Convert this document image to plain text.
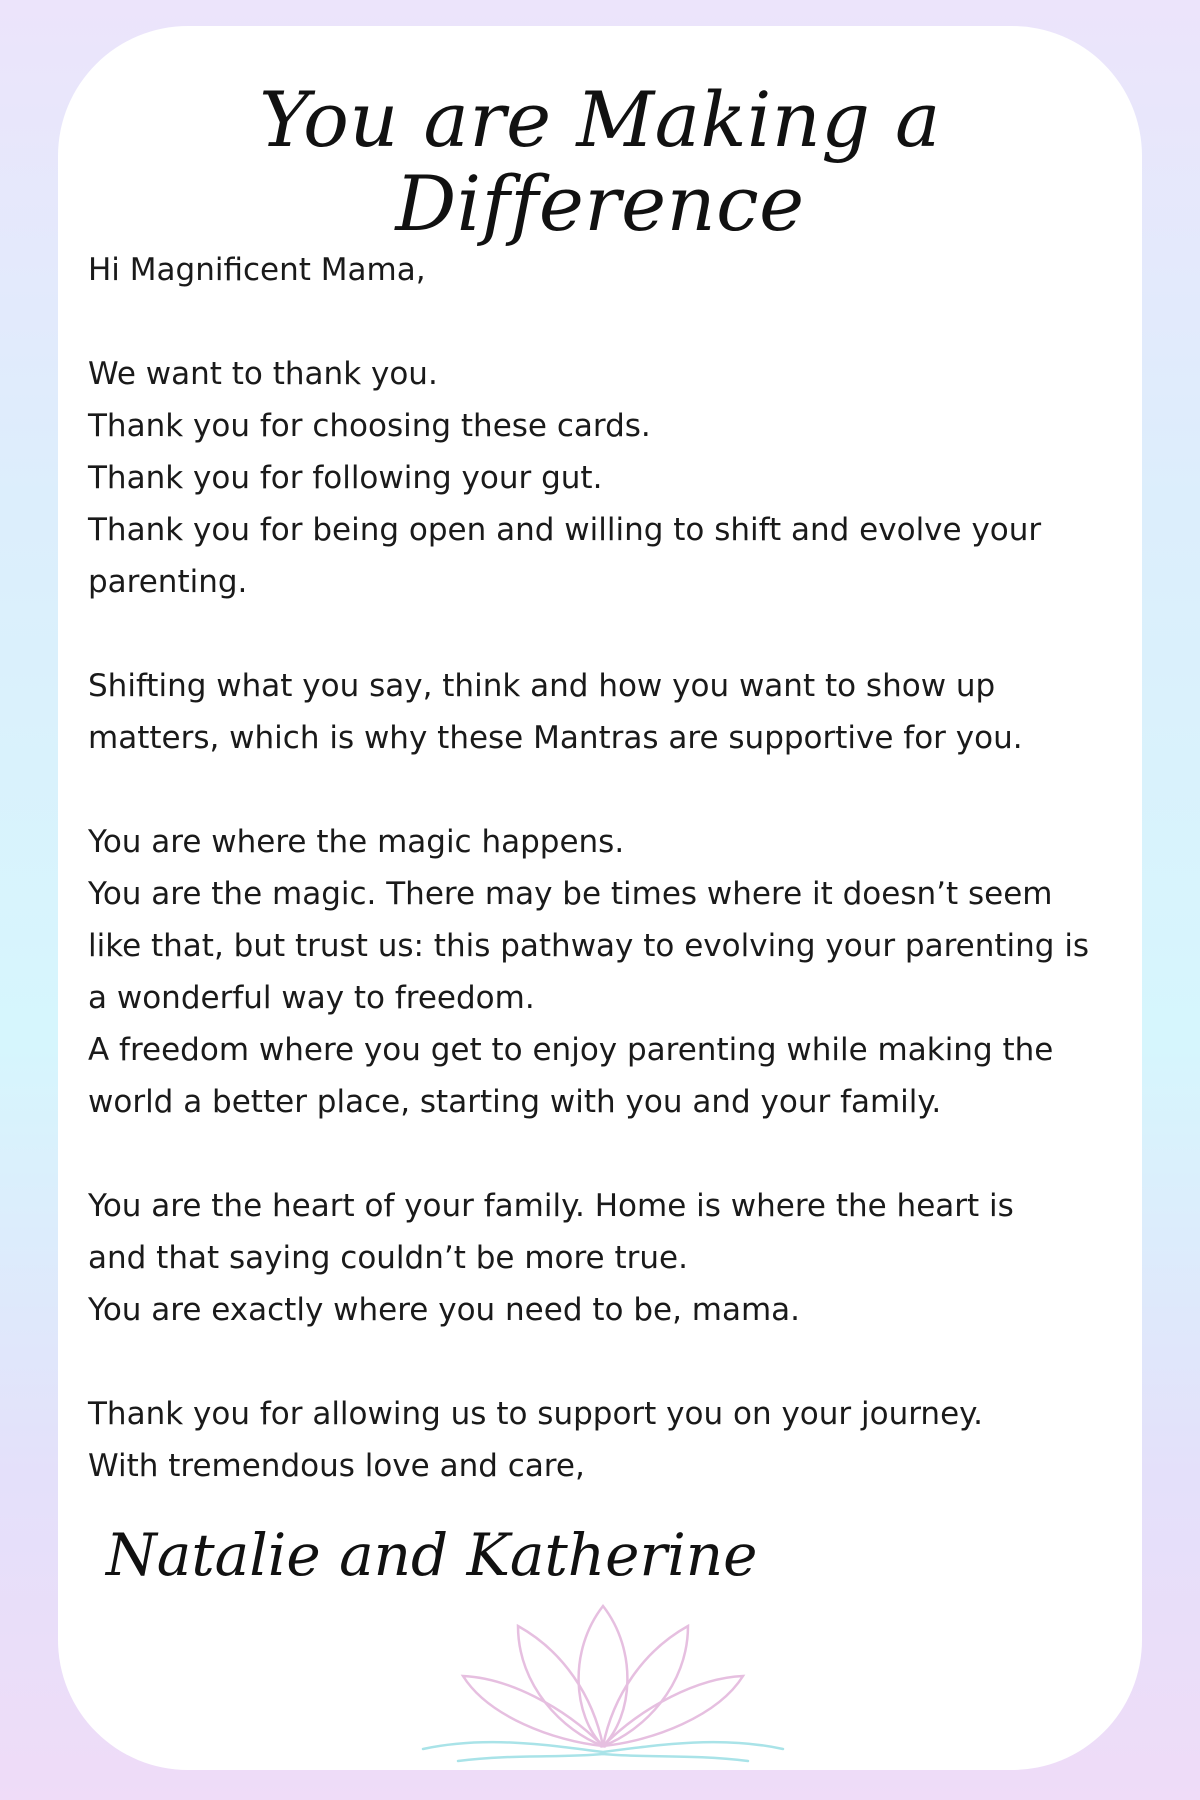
You are Making a Difference
Hi Magnificent Mama,
We want to thank you.
Thank you for choosing these cards.
Thank you for following your gut.
Thank you for being open and willing to shift and evolve your
parenting.
Shifting what you say, think and how you want to show up
matters, which is why these Mantras are supportive for you.
You are where the magic happens.
You are the magic. There may be times where it doesn’t seem
like that, but trust us: this pathway to evolving your parenting is
a wonderful way to freedom.
A freedom where you get to enjoy parenting while making the
world a better place, starting with you and your family.
You are the heart of your family. Home is where the heart is
and that saying couldn’t be more true.
You are exactly where you need to be, mama.
Thank you for allowing us to support you on your journey.
With tremendous love and care,
Natalie and Katherine
